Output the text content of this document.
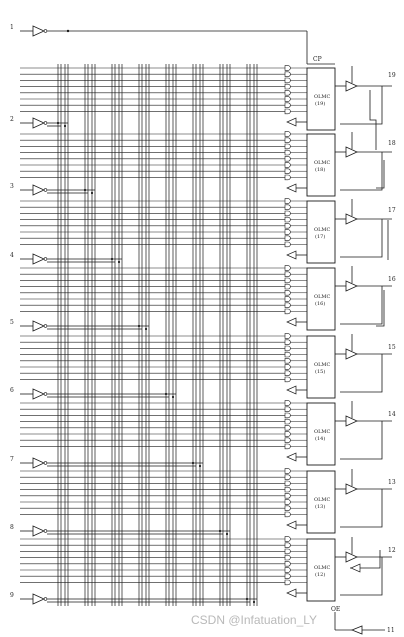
1
2
3
4
5
6
7
8
9
OLMC
(19)
OLMC
(18)
OLMC
(17)
OLMC
(16)
OLMC
(15)
OLMC
(14)
OLMC
(13)
OLMC
(12)
19
18
17
16
15
14
13
12
CP
OE
11
CSDN @Infatuation_LY
